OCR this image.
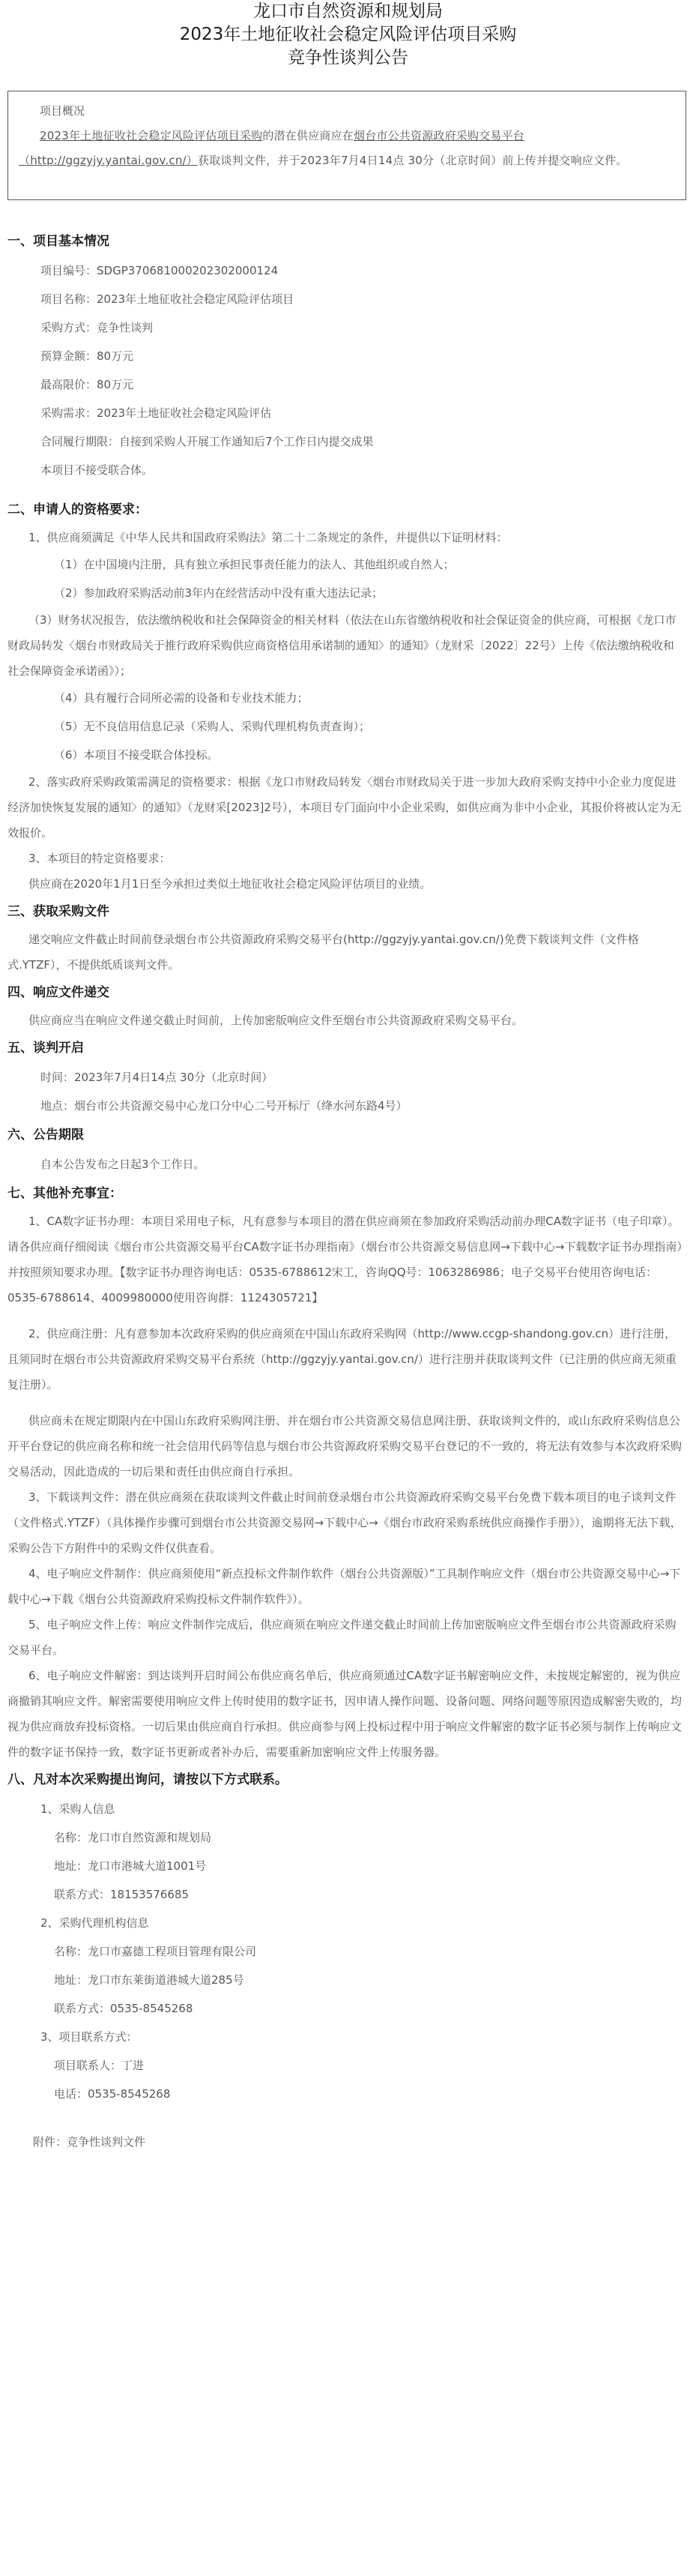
龙口市自然资源和规划局

2023年土地征收社会稳定风险评估项目采购

竞争性谈判公告

项目概况

2023年土地征收社会稳定风险评估项目采购的潜在供应商应在烟台市公共资源政府采购交易平台（http://ggzyjy.yantai.gov.cn/）获取谈判文件，并于2023年7月4日14点 30分（北京时间）前上传并提交响应文件。

一、项目基本情况

项目编号：SDGP370681000202302000124

项目名称：2023年土地征收社会稳定风险评估项目

采购方式：竞争性谈判

预算金额：80万元

最高限价：80万元

采购需求：2023年土地征收社会稳定风险评估

合同履行期限：自接到采购人开展工作通知后7个工作日内提交成果

本项目不接受联合体。

二、申请人的资格要求：

1、供应商须满足《中华人民共和国政府采购法》第二十二条规定的条件，并提供以下证明材料：

（1）在中国境内注册，具有独立承担民事责任能力的法人、其他组织或自然人；

（2）参加政府采购活动前3年内在经营活动中没有重大违法记录；

（3）财务状况报告，依法缴纳税收和社会保障资金的相关材料（依法在山东省缴纳税收和社会保证资金的供应商，可根据《龙口市财政局转发〈烟台市财政局关于推行政府采购供应商资格信用承诺制的通知〉的通知》（龙财采〔2022〕22号）上传《依法缴纳税收和社会保障资金承诺函》）；

（4）具有履行合同所必需的设备和专业技术能力；

（5）无不良信用信息记录（采购人、采购代理机构负责查询）；

（6）本项目不接受联合体投标。

2、落实政府采购政策需满足的资格要求：根据《龙口市财政局转发〈烟台市财政局关于进一步加大政府采购支持中小企业力度促进经济加快恢复发展的通知〉的通知》（龙财采[2023]2号），本项目专门面向中小企业采购，如供应商为非中小企业，其报价将被认定为无效报价。

3、本项目的特定资格要求：

供应商在2020年1月1日至今承担过类似土地征收社会稳定风险评估项目的业绩。

三、获取采购文件

递交响应文件截止时间前登录烟台市公共资源政府采购交易平台(http://ggzyjy.yantai.gov.cn/)免费下载谈判文件（文件格式.YTZF），不提供纸质谈判文件。

四、响应文件递交

供应商应当在响应文件递交截止时间前，上传加密版响应文件至烟台市公共资源政府采购交易平台。

五、谈判开启

时间：2023年7月4日14点 30分（北京时间）

地点：烟台市公共资源交易中心龙口分中心二号开标厅（绛水河东路4号）

六、公告期限

自本公告发布之日起3个工作日。

七、其他补充事宜：

1、CA数字证书办理：本项目采用电子标，凡有意参与本项目的潜在供应商须在参加政府采购活动前办理CA数字证书（电子印章）。请各供应商仔细阅读《烟台市公共资源交易平台CA数字证书办理指南》（烟台市公共资源交易信息网→下载中心→下载数字证书办理指南）并按照须知要求办理。【数字证书办理咨询电话：0535-6788612宋工，咨询QQ号：1063286986；电子交易平台使用咨询电话：0535-6788614、4009980000使用咨询群：1124305721】

2、供应商注册：凡有意参加本次政府采购的供应商须在中国山东政府采购网（http://www.ccgp-shandong.gov.cn）进行注册，且须同时在烟台市公共资源政府采购交易平台系统（http://ggzyjy.yantai.gov.cn/）进行注册并获取谈判文件（已注册的供应商无须重复注册）。

供应商未在规定期限内在中国山东政府采购网注册、并在烟台市公共资源交易信息网注册、获取谈判文件的，或山东政府采购信息公开平台登记的供应商名称和统一社会信用代码等信息与烟台市公共资源政府采购交易平台登记的不一致的，将无法有效参与本次政府采购交易活动，因此造成的一切后果和责任由供应商自行承担。

3、下载谈判文件：潜在供应商须在获取谈判文件截止时间前登录烟台市公共资源政府采购交易平台免费下载本项目的电子谈判文件（文件格式.YTZF）（具体操作步骤可到烟台市公共资源交易网→下载中心→《烟台市政府采购系统供应商操作手册》），逾期将无法下载，采购公告下方附件中的采购文件仅供查看。

4、电子响应文件制作：供应商须使用“新点投标文件制作软件（烟台公共资源版）”工具制作响应文件（烟台市公共资源交易中心→下载中心→下载《烟台公共资源政府采购投标文件制作软件》）。

5、电子响应文件上传：响应文件制作完成后，供应商须在响应文件递交截止时间前上传加密版响应文件至烟台市公共资源政府采购交易平台。

6、电子响应文件解密：到达谈判开启时间公布供应商名单后，供应商须通过CA数字证书解密响应文件，未按规定解密的，视为供应商撤销其响应文件。解密需要使用响应文件上传时使用的数字证书，因申请人操作问题、设备问题、网络问题等原因造成解密失败的，均视为供应商放弃投标资格。一切后果由供应商自行承担。供应商参与网上投标过程中用于响应文件解密的数字证书必须与制作上传响应文件的数字证书保持一致，数字证书更新或者补办后，需要重新加密响应文件上传服务器。

八、凡对本次采购提出询问，请按以下方式联系。

1、采购人信息

名称：龙口市自然资源和规划局

地址：龙口市港城大道1001号

联系方式：18153576685

2、采购代理机构信息

名称：龙口市嘉德工程项目管理有限公司

地址：龙口市东莱街道港城大道285号

联系方式：0535-8545268

3、项目联系方式：

项目联系人：丁进

电话：0535-8545268

附件：竞争性谈判文件
